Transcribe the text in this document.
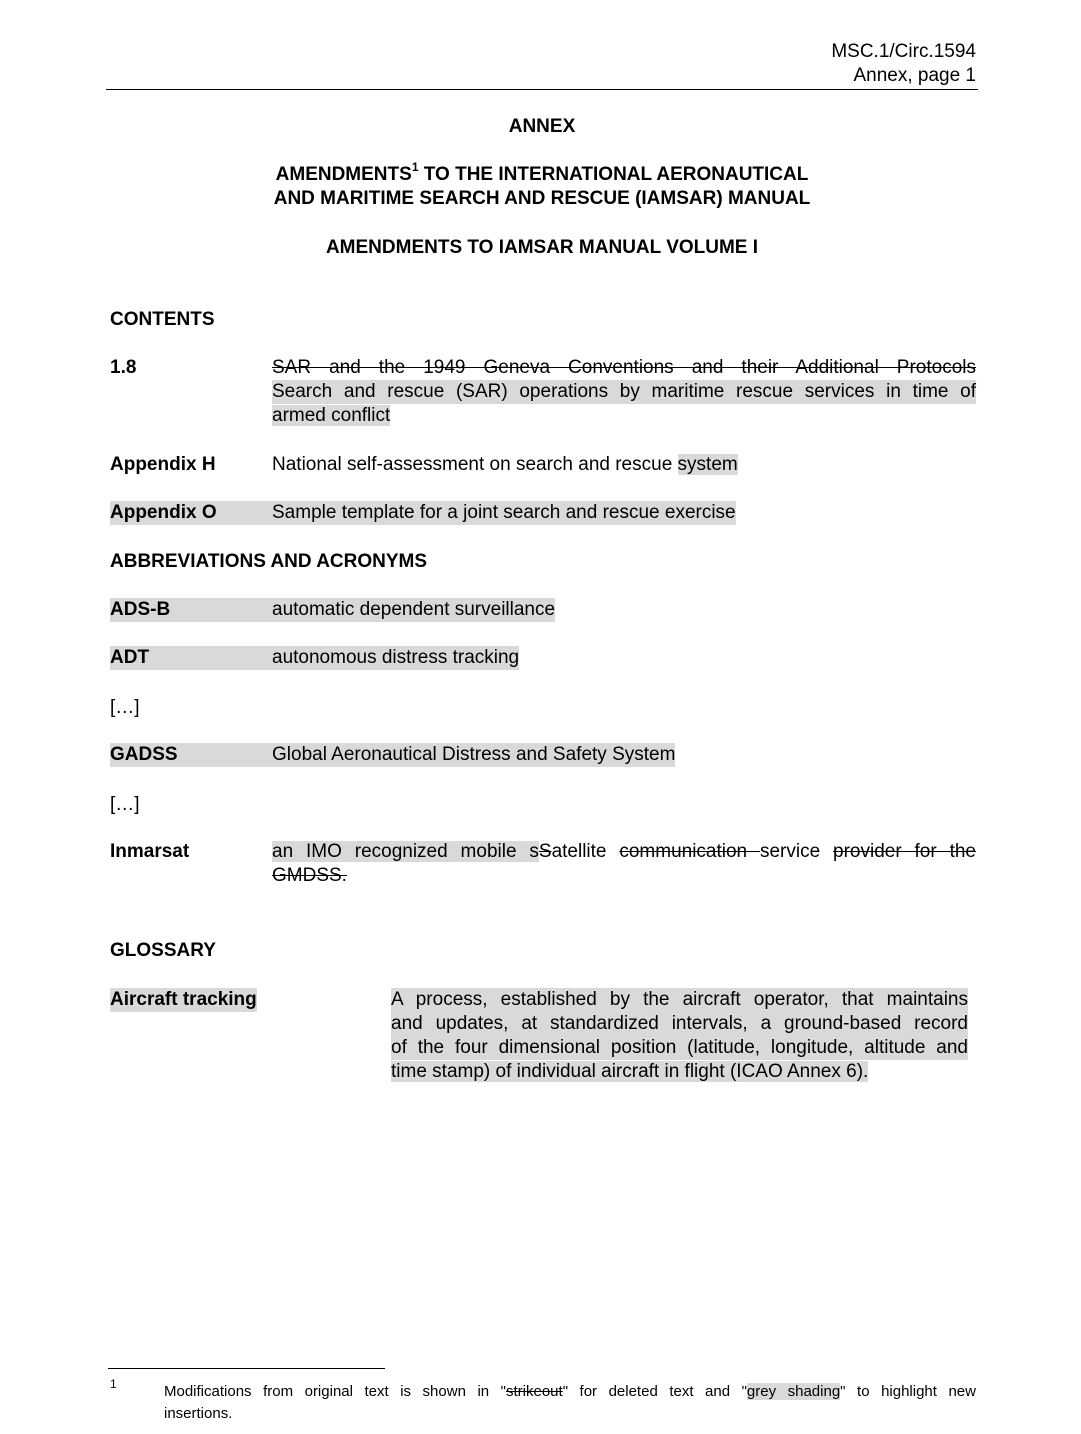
MSC.1/Circ.1594
Annex, page 1
ANNEX
AMENDMENTS$^1$ TO THE INTERNATIONAL AERONAUTICAL
AND MARITIME SEARCH AND RESCUE (IAMSAR) MANUAL
AMENDMENTS TO IAMSAR MANUAL VOLUME I
CONTENTS
1.8	SAR and the 1949 Geneva Conventions and their Additional Protocols
Search and rescue (SAR) operations by maritime rescue services in time of
armed conflict
Appendix H	National self-assessment on search and rescue system
Appendix O	Sample template for a joint search and rescue exercise
ABBREVIATIONS AND ACRONYMS
ADS-B	automatic dependent surveillance
ADT	autonomous distress tracking
[…]
GADSS	Global Aeronautical Distress and Safety System
[…]
Inmarsat	an IMO recognized mobile sSatellite communication service provider for the
GMDSS.
GLOSSARY
Aircraft tracking	A process, established by the aircraft operator, that maintains
and updates, at standardized intervals, a ground-based record
of the four dimensional position (latitude, longitude, altitude and
time stamp) of individual aircraft in flight (ICAO Annex 6).
1	Modifications from original text is shown in "strikeout" for deleted text and "grey shading" to highlight new
insertions.
